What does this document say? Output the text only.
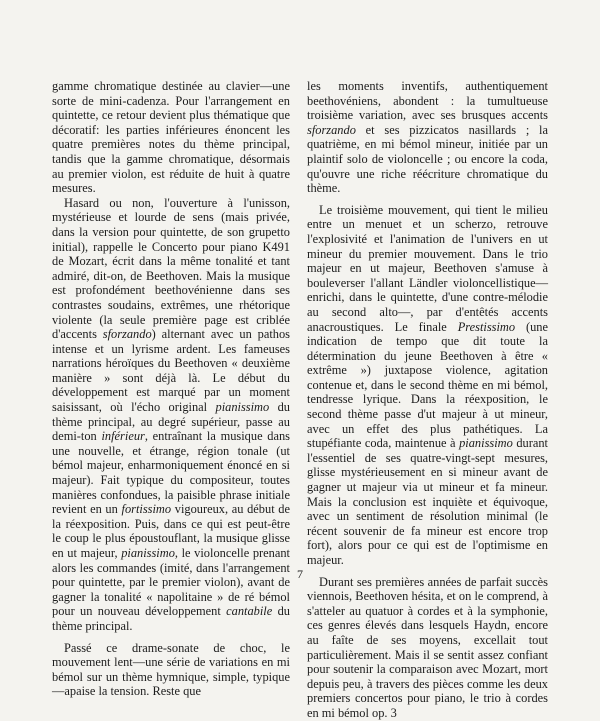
gamme chromatique destinée au clavier—une sorte de mini-cadenza. Pour l'arrangement en quintette, ce retour devient plus thématique que décoratif: les parties inférieures énoncent les quatre premières notes du thème principal, tandis que la gamme chromatique, désormais au premier violon, est réduite de huit à quatre mesures.

Hasard ou non, l'ouverture à l'unisson, mystérieuse et lourde de sens (mais privée, dans la version pour quintette, de son grupetto initial), rappelle le Concerto pour piano K491 de Mozart, écrit dans la même tonalité et tant admiré, dit-on, de Beethoven. Mais la musique est profondément beethovénienne dans ses contrastes soudains, extrêmes, une rhétorique violente (la seule première page est criblée d'accents sforzando) alternant avec un pathos intense et un lyrisme ardent. Les fameuses narrations héroïques du Beethoven « deuxième manière » sont déjà là. Le début du développement est marqué par un moment saisissant, où l'écho original pianissimo du thème principal, au degré supérieur, passe au demi-ton inférieur, entraînant la musique dans une nouvelle, et étrange, région tonale (ut bémol majeur, enharmoniquement énoncé en si majeur). Fait typique du compositeur, toutes manières confondues, la paisible phrase initiale revient en un fortissimo vigoureux, au début de la réexposition. Puis, dans ce qui est peut-être le coup le plus époustouflant, la musique glisse en ut majeur, pianissimo, le violoncelle prenant alors les commandes (imité, dans l'arrangement pour quintette, par le premier violon), avant de gagner la tonalité « napolitaine » de ré bémol pour un nouveau développement cantabile du thème principal.

Passé ce drame-sonate de choc, le mouvement lent—une série de variations en mi bémol sur un thème hymnique, simple, typique—apaise la tension. Reste que

les moments inventifs, authentiquement beethovéniens, abondent : la tumultueuse troisième variation, avec ses brusques accents sforzando et ses pizzicatos nasillards ; la quatrième, en mi bémol mineur, initiée par un plaintif solo de violoncelle ; ou encore la coda, qu'ouvre une riche réécriture chromatique du thème.

Le troisième mouvement, qui tient le milieu entre un menuet et un scherzo, retrouve l'explosivité et l'animation de l'univers en ut mineur du premier mouvement. Dans le trio majeur en ut majeur, Beethoven s'amuse à bouleverser l'allant Ländler violoncellistique—enrichi, dans le quintette, d'une contre-mélodie au second alto—, par d'entêtés accents anacroustiques. Le finale Prestissimo (une indication de tempo que dit toute la détermination du jeune Beethoven à être « extrême ») juxtapose violence, agitation contenue et, dans le second thème en mi bémol, tendresse lyrique. Dans la réexposition, le second thème passe d'ut majeur à ut mineur, avec un effet des plus pathétiques. La stupéfiante coda, maintenue à pianissimo durant l'essentiel de ses quatre-vingt-sept mesures, glisse mystérieusement en si mineur avant de gagner ut majeur via ut mineur et fa mineur. Mais la conclusion est inquiète et équivoque, avec un sentiment de résolution minimal (le récent souvenir de fa mineur est encore trop fort), alors pour ce qui est de l'optimisme en majeur.

Durant ses premières années de parfait succès viennois, Beethoven hésita, et on le comprend, à s'atteler au quatuor à cordes et à la symphonie, ces genres élevés dans lesquels Haydn, encore au faîte de ses moyens, excellait tout particulièrement. Mais il se sentit assez confiant pour soutenir la comparaison avec Mozart, mort depuis peu, à travers des pièces comme les deux premiers concertos pour piano, le trio à cordes en mi bémol op. 3

7
